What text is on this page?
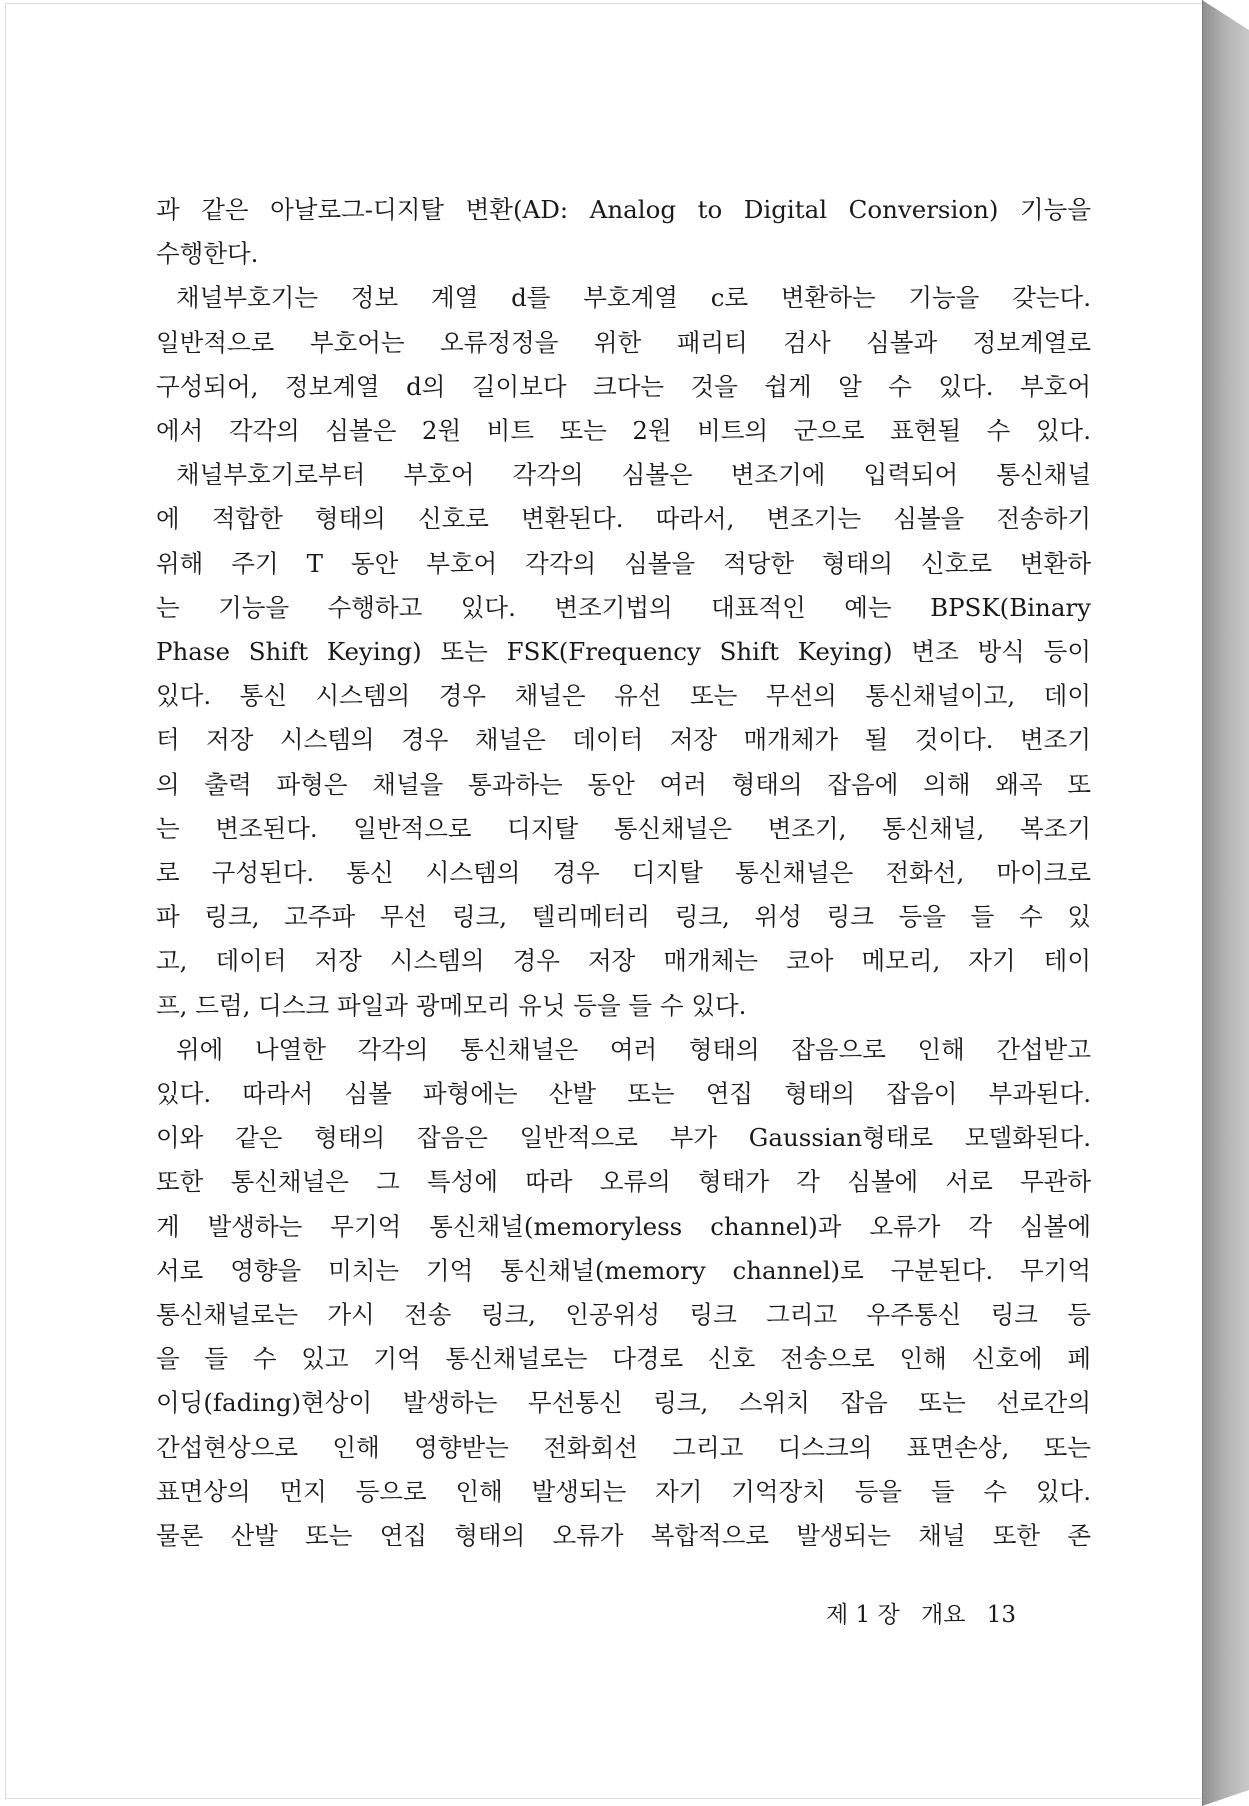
과 같은 아날로그-디지탈 변환(AD: Analog to Digital Conversion) 기능을

수행한다.

채널부호기는 정보 계열 d를 부호계열 c로 변환하는 기능을 갖는다.

일반적으로 부호어는 오류정정을 위한 패리티 검사 심볼과 정보계열로

구성되어, 정보계열 d의 길이보다 크다는 것을 쉽게 알 수 있다. 부호어

에서 각각의 심볼은 2원 비트 또는 2원 비트의 군으로 표현될 수 있다.

채널부호기로부터 부호어 각각의 심볼은 변조기에 입력되어 통신채널

에 적합한 형태의 신호로 변환된다. 따라서, 변조기는 심볼을 전송하기

위해 주기 T 동안 부호어 각각의 심볼을 적당한 형태의 신호로 변환하

는 기능을 수행하고 있다. 변조기법의 대표적인 예는 BPSK(Binary

Phase Shift Keying) 또는 FSK(Frequency Shift Keying) 변조 방식 등이

있다. 통신 시스템의 경우 채널은 유선 또는 무선의 통신채널이고, 데이

터 저장 시스템의 경우 채널은 데이터 저장 매개체가 될 것이다. 변조기

의 출력 파형은 채널을 통과하는 동안 여러 형태의 잡음에 의해 왜곡 또

는 변조된다. 일반적으로 디지탈 통신채널은 변조기, 통신채널, 복조기

로 구성된다. 통신 시스템의 경우 디지탈 통신채널은 전화선, 마이크로

파 링크, 고주파 무선 링크, 텔리메터리 링크, 위성 링크 등을 들 수 있

고, 데이터 저장 시스템의 경우 저장 매개체는 코아 메모리, 자기 테이

프, 드럼, 디스크 파일과 광메모리 유닛 등을 들 수 있다.

위에 나열한 각각의 통신채널은 여러 형태의 잡음으로 인해 간섭받고

있다. 따라서 심볼 파형에는 산발 또는 연집 형태의 잡음이 부과된다.

이와 같은 형태의 잡음은 일반적으로 부가 Gaussian형태로 모델화된다.

또한 통신채널은 그 특성에 따라 오류의 형태가 각 심볼에 서로 무관하

게 발생하는 무기억 통신채널(memoryless channel)과 오류가 각 심볼에

서로 영향을 미치는 기억 통신채널(memory channel)로 구분된다. 무기억

통신채널로는 가시 전송 링크, 인공위성 링크 그리고 우주통신 링크 등

을 들 수 있고 기억 통신채널로는 다경로 신호 전송으로 인해 신호에 페

이딩(fading)현상이 발생하는 무선통신 링크, 스위치 잡음 또는 선로간의

간섭현상으로 인해 영향받는 전화회선 그리고 디스크의 표면손상, 또는

표면상의 먼지 등으로 인해 발생되는 자기 기억장치 등을 들 수 있다.

물론 산발 또는 연집 형태의 오류가 복합적으로 발생되는 채널 또한 존

제 1 장 개요 13
